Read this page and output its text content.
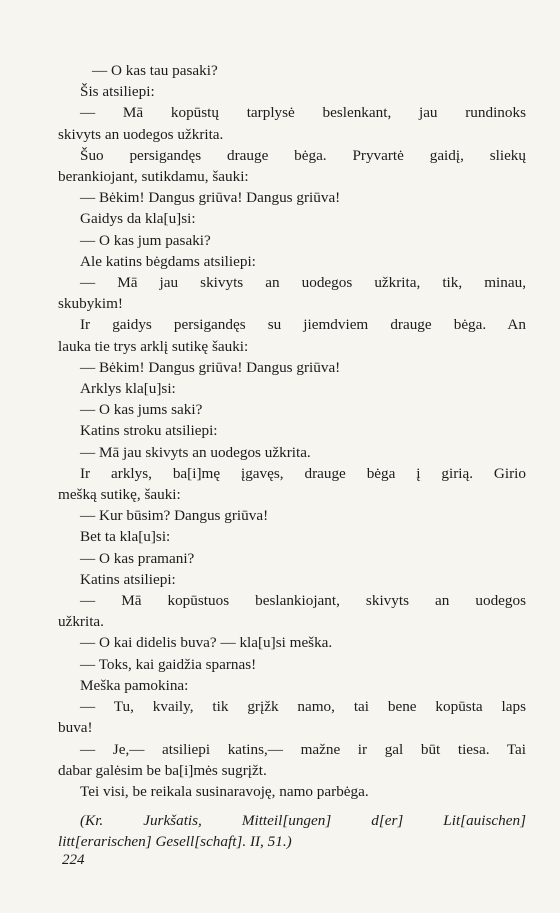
— O kas tau pasaki?
Šis atsiliepi:
— Mā kopūstų tarplysė beslenkant, jau rundinoks
skivyts an uodegos užkrita.
Šuo persigandęs drauge bėga. Pryvartė gaidį, sliekų
berankiojant, sutikdamu, šauki:
— Bėkim! Dangus griūva! Dangus griūva!
Gaidys da kla[u]si:
— O kas jum pasaki?
Ale katins bėgdams atsiliepi:
— Mā jau skivyts an uodegos užkrita, tik, minau,
skubykim!
Ir gaidys persigandęs su jiemdviem drauge bėga. An
lauka tie trys arklį sutikę šauki:
— Bėkim! Dangus griūva! Dangus griūva!
Arklys kla[u]si:
— O kas jums saki?
Katins stroku atsiliepi:
— Mā jau skivyts an uodegos užkrita.
Ir arklys, ba[i]mę įgavęs, drauge bėga į girią. Girio
mešką sutikę, šauki:
— Kur būsim? Dangus griūva!
Bet ta kla[u]si:
— O kas pramani?
Katins atsiliepi:
— Mā kopūstuos beslankiojant, skivyts an uodegos
užkrita.
— O kai didelis buva? — kla[u]si meška.
— Toks, kai gaidžia sparnas!
Meška pamokina:
— Tu, kvaily, tik grįžk namo, tai bene kopūsta laps
buva!
— Je,— atsiliepi katins,— mažne ir gal būt tiesa. Tai
dabar galėsim be ba[i]mės sugrįžt.
Tei visi, be reikala susinaravoję, namo parbėga.
(Kr. Jurkšatis, Mitteil[ungen] d[er] Lit[auischen]
litt[erarischen] Gesell[schaft]. II, 51.)
224
